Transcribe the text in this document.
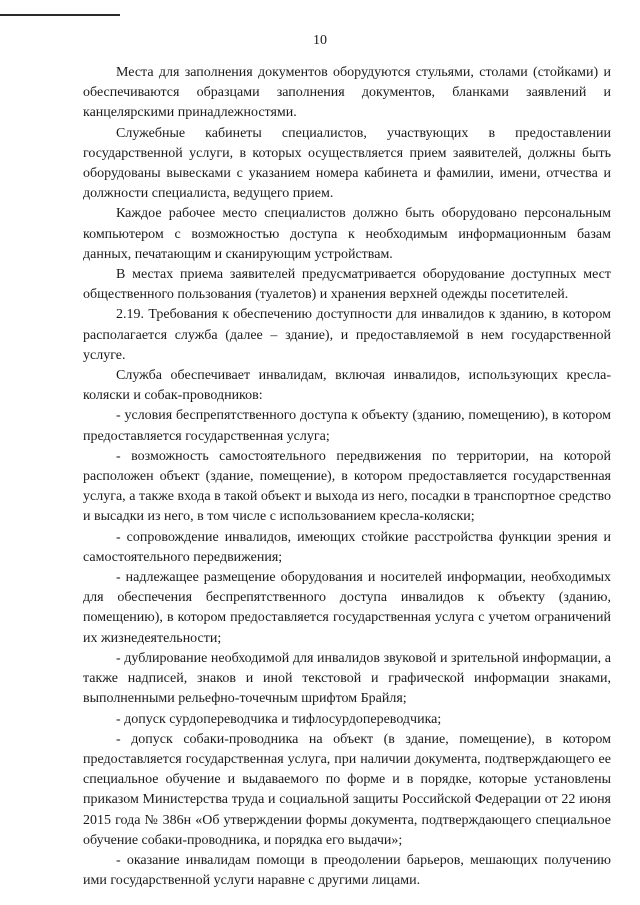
10

Места для заполнения документов оборудуются стульями, столами (стойками) и обеспечиваются образцами заполнения документов, бланками заявлений и канцелярскими принадлежностями.

Служебные кабинеты специалистов, участвующих в предоставлении государственной услуги, в которых осуществляется прием заявителей, должны быть оборудованы вывесками с указанием номера кабинета и фамилии, имени, отчества и должности специалиста, ведущего прием.

Каждое рабочее место специалистов должно быть оборудовано персональным компьютером с возможностью доступа к необходимым информационным базам данных, печатающим и сканирующим устройствам.

В местах приема заявителей предусматривается оборудование доступных мест общественного пользования (туалетов) и хранения верхней одежды посетителей.

2.19. Требования к обеспечению доступности для инвалидов к зданию, в котором располагается служба (далее – здание), и предоставляемой в нем государственной услуге.

Служба обеспечивает инвалидам, включая инвалидов, использующих кресла-коляски и собак-проводников:

- условия беспрепятственного доступа к объекту (зданию, помещению), в котором предоставляется государственная услуга;

- возможность самостоятельного передвижения по территории, на которой расположен объект (здание, помещение), в котором предоставляется государственная услуга, а также входа в такой объект и выхода из него, посадки в транспортное средство и высадки из него, в том числе с использованием кресла-коляски;

- сопровождение инвалидов, имеющих стойкие расстройства функции зрения и самостоятельного передвижения;

- надлежащее размещение оборудования и носителей информации, необходимых для обеспечения беспрепятственного доступа инвалидов к объекту (зданию, помещению), в котором предоставляется государственная услуга с учетом ограничений их жизнедеятельности;

- дублирование необходимой для инвалидов звуковой и зрительной информации, а также надписей, знаков и иной текстовой и графической информации знаками, выполненными рельефно-точечным шрифтом Брайля;

- допуск сурдопереводчика и тифлосурдопереводчика;

- допуск собаки-проводника на объект (в здание, помещение), в котором предоставляется государственная услуга, при наличии документа, подтверждающего ее специальное обучение и выдаваемого по форме и в порядке, которые установлены приказом Министерства труда и социальной защиты Российской Федерации от 22 июня 2015 года № 386н «Об утверждении формы документа, подтверждающего специальное обучение собаки-проводника, и порядка его выдачи»;

- оказание инвалидам помощи в преодолении барьеров, мешающих получению ими государственной услуги наравне с другими лицами.
